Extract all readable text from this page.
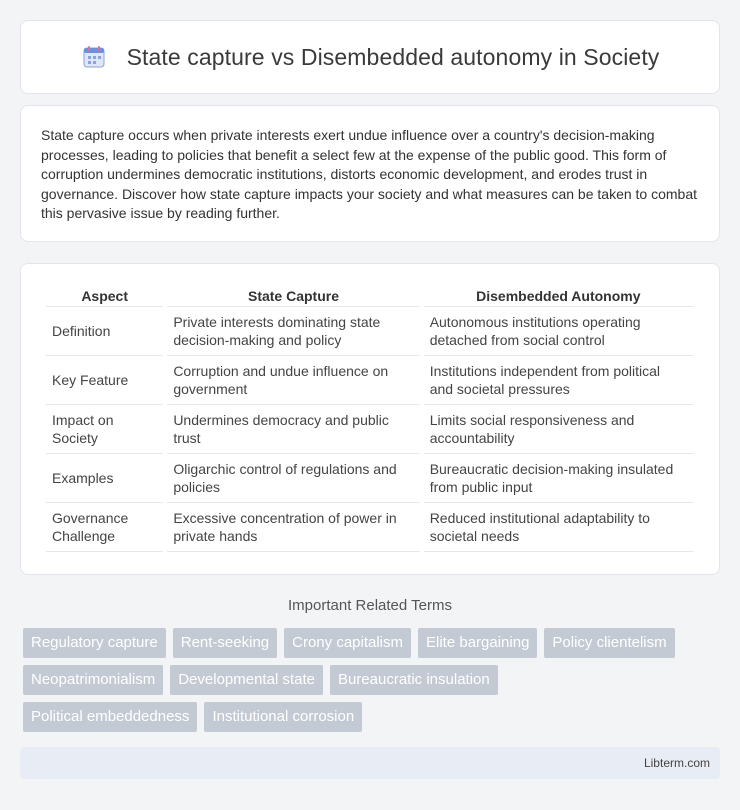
State capture vs Disembedded autonomy in Society

State capture occurs when private interests exert undue influence over a country's decision-making processes, leading to policies that benefit a select few at the expense of the public good. This form of corruption undermines democratic institutions, distorts economic development, and erodes trust in governance. Discover how state capture impacts your society and what measures can be taken to combat this pervasive issue by reading further.

Aspect	State Capture	Disembedded Autonomy
Definition	Private interests dominating state decision-making and policy	Autonomous institutions operating detached from social control
Key Feature	Corruption and undue influence on government	Institutions independent from political and societal pressures
Impact on Society	Undermines democracy and public trust	Limits social responsiveness and accountability
Examples	Oligarchic control of regulations and policies	Bureaucratic decision-making insulated from public input
Governance Challenge	Excessive concentration of power in private hands	Reduced institutional adaptability to societal needs
Important Related Terms
Regulatory capture	Rent-seeking	Crony capitalism	Elite bargaining	Policy clientelism
Neopatrimonialism	Developmental state	Bureaucratic insulation
Political embeddedness	Institutional corrosion
Libterm.com
